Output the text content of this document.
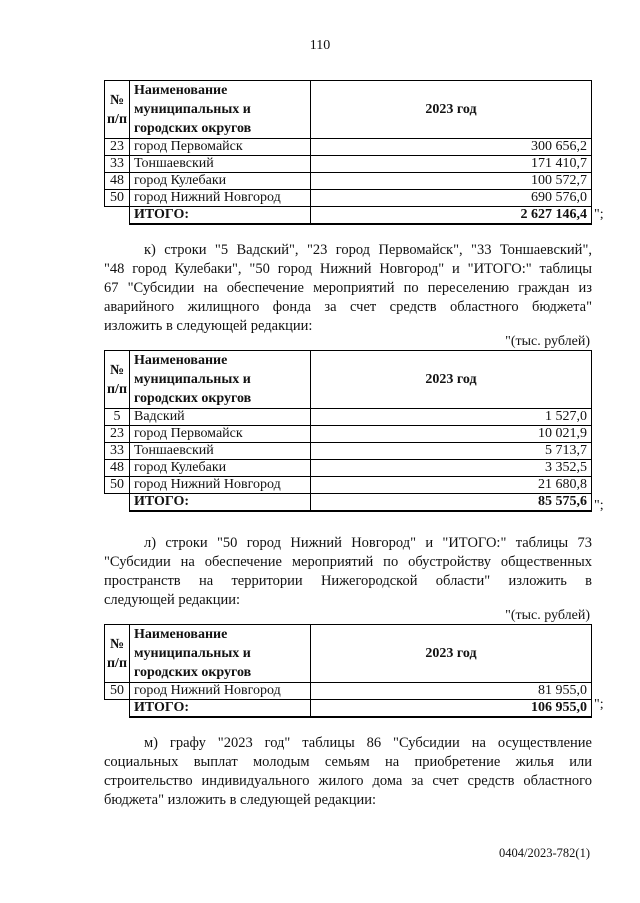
110
№ п/п	Наименование муниципальных и городских округов	2023 год
23	город Первомайск	300 656,2
33	Тоншаевский	171 410,7
48	город Кулебаки	100 572,7
50	город Нижний Новгород	690 576,0
	ИТОГО:	2 627 146,4 ";
к) строки "5 Вадский", "23 город Первомайск", "33 Тоншаевский",
"48 город Кулебаки", "50 город Нижний Новгород" и "ИТОГО:" таблицы
67 "Субсидии на обеспечение мероприятий по переселению граждан из
аварийного жилищного фонда за счет средств областного бюджета"
изложить в следующей редакции:
"(тыс. рублей)
№ п/п	Наименование муниципальных и городских округов	2023 год
5	Вадский	1 527,0
23	город Первомайск	10 021,9
33	Тоншаевский	5 713,7
48	город Кулебаки	3 352,5
50	город Нижний Новгород	21 680,8
	ИТОГО:	85 575,6 ";
л) строки "50 город Нижний Новгород" и "ИТОГО:" таблицы 73
"Субсидии на обеспечение мероприятий по обустройству общественных
пространств на территории Нижегородской области" изложить в
следующей редакции:
"(тыс. рублей)
№ п/п	Наименование муниципальных и городских округов	2023 год
50	город Нижний Новгород	81 955,0
	ИТОГО:	106 955,0 ";
м) графу "2023 год" таблицы 86 "Субсидии на осуществление
социальных выплат молодым семьям на приобретение жилья или
строительство индивидуального жилого дома за счет средств областного
бюджета" изложить в следующей редакции:
0404/2023-782(1)
